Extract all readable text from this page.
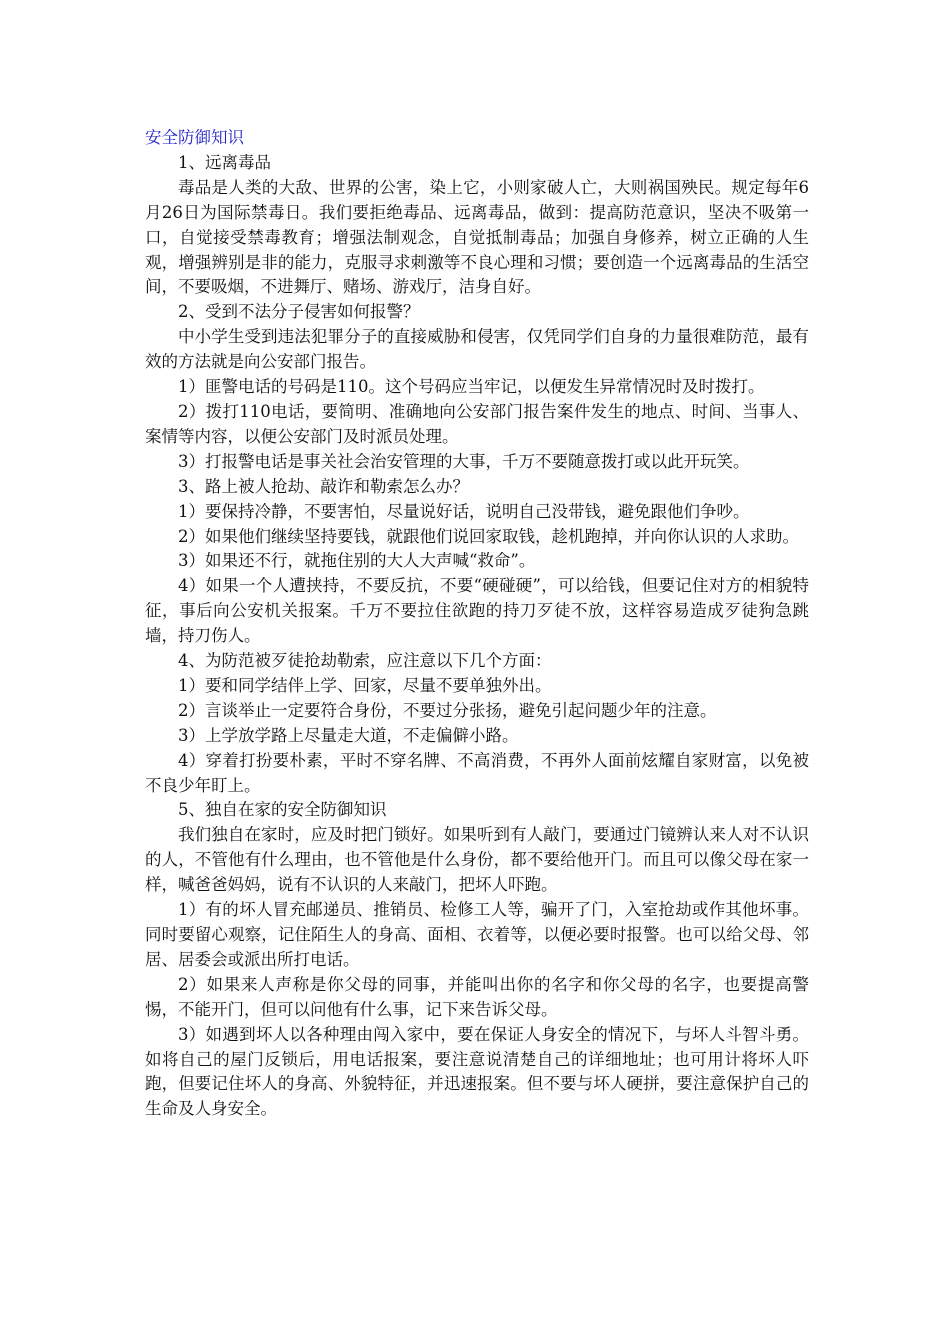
安全防御知识

1、远离毒品

毒品是人类的大敌、世界的公害，染上它，小则家破人亡，大则祸国殃民。规定每年6月26日为国际禁毒日。我们要拒绝毒品、远离毒品，做到：提高防范意识，坚决不吸第一口，自觉接受禁毒教育；增强法制观念，自觉抵制毒品；加强自身修养，树立正确的人生观，增强辨别是非的能力，克服寻求刺激等不良心理和习惯；要创造一个远离毒品的生活空间，不要吸烟，不进舞厅、赌场、游戏厅，洁身自好。

2、受到不法分子侵害如何报警？

中小学生受到违法犯罪分子的直接威胁和侵害，仅凭同学们自身的力量很难防范，最有效的方法就是向公安部门报告。

1）匪警电话的号码是110。这个号码应当牢记，以便发生异常情况时及时拨打。

2）拨打110电话，要简明、准确地向公安部门报告案件发生的地点、时间、当事人、案情等内容，以便公安部门及时派员处理。

3）打报警电话是事关社会治安管理的大事，千万不要随意拨打或以此开玩笑。

3、路上被人抢劫、敲诈和勒索怎么办？

1）要保持冷静，不要害怕，尽量说好话，说明自己没带钱，避免跟他们争吵。

2）如果他们继续坚持要钱，就跟他们说回家取钱，趁机跑掉，并向你认识的人求助。

3）如果还不行，就拖住别的大人大声喊“救命”。

4）如果一个人遭挟持，不要反抗，不要“硬碰硬”，可以给钱，但要记住对方的相貌特征，事后向公安机关报案。千万不要拉住欲跑的持刀歹徒不放，这样容易造成歹徒狗急跳墙，持刀伤人。

4、为防范被歹徒抢劫勒索，应注意以下几个方面：

1）要和同学结伴上学、回家，尽量不要单独外出。

2）言谈举止一定要符合身份，不要过分张扬，避免引起问题少年的注意。

3）上学放学路上尽量走大道，不走偏僻小路。

4）穿着打扮要朴素，平时不穿名牌、不高消费，不再外人面前炫耀自家财富，以免被不良少年盯上。

5、独自在家的安全防御知识

我们独自在家时，应及时把门锁好。如果听到有人敲门，要通过门镜辨认来人对不认识的人，不管他有什么理由，也不管他是什么身份，都不要给他开门。而且可以像父母在家一样，喊爸爸妈妈，说有不认识的人来敲门，把坏人吓跑。

1）有的坏人冒充邮递员、推销员、检修工人等，骗开了门，入室抢劫或作其他坏事。同时要留心观察，记住陌生人的身高、面相、衣着等，以便必要时报警。也可以给父母、邻居、居委会或派出所打电话。

2）如果来人声称是你父母的同事，并能叫出你的名字和你父母的名字，也要提高警惕，不能开门，但可以问他有什么事，记下来告诉父母。

3）如遇到坏人以各种理由闯入家中，要在保证人身安全的情况下，与坏人斗智斗勇。如将自己的屋门反锁后，用电话报案，要注意说清楚自己的详细地址；也可用计将坏人吓跑，但要记住坏人的身高、外貌特征，并迅速报案。但不要与坏人硬拼，要注意保护自己的生命及人身安全。
